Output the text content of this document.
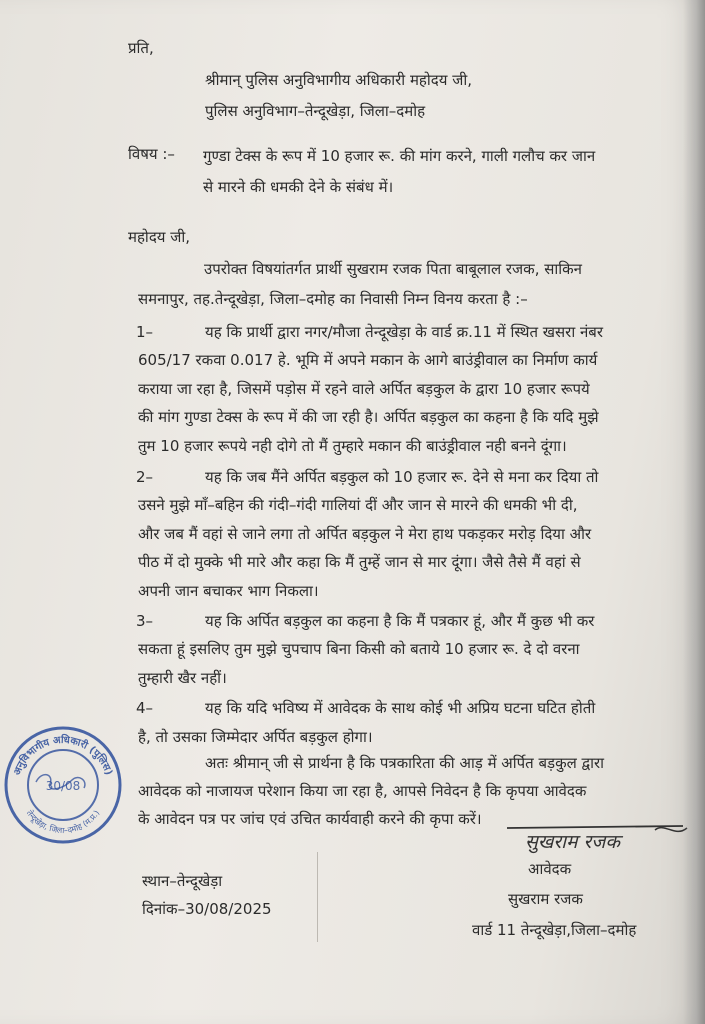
प्रति,
श्रीमान् पुलिस अनुविभागीय अधिकारी महोदय जी,
पुलिस अनुविभाग–तेन्दूखेड़ा, जिला–दमोह
विषय :– गुण्डा टेक्स के रूप में 10 हजार रू. की मांग करने, गाली गलौच कर जान
से मारने की धमकी देने के संबंध में।
महोदय जी,
उपरोक्त विषयांतर्गत प्रार्थी सुखराम रजक पिता बाबूलाल रजक, साकिन
समनापुर, तह.तेन्दूखेड़ा, जिला–दमोह का निवासी निम्न विनय करता है :–
1–	यह कि प्रार्थी द्वारा नगर/मौजा तेन्दूखेड़ा के वार्ड क्र.11 में स्थित खसरा नंबर
605/17 रकवा 0.017 हे. भूमि में अपने मकान के आगे बाउंड्रीवाल का निर्माण कार्य
कराया जा रहा है, जिसमें पड़ोस में रहने वाले अर्पित बड़कुल के द्वारा 10 हजार रूपये
की मांग गुण्डा टेक्स के रूप में की जा रही है। अर्पित बड़कुल का कहना है कि यदि मुझे
तुम 10 हजार रूपये नही दोगे तो मैं तुम्हारे मकान की बाउंड्रीवाल नही बनने दूंगा।
2–	यह कि जब मैंने अर्पित बड़कुल को 10 हजार रू. देने से मना कर दिया तो
उसने मुझे माँ–बहिन की गंदी–गंदी गालियां दीं और जान से मारने की धमकी भी दी,
और जब मैं वहां से जाने लगा तो अर्पित बड़कुल ने मेरा हाथ पकड़कर मरोड़ दिया और
पीठ में दो मुक्के भी मारे और कहा कि मैं तुम्हें जान से मार दूंगा। जैसे तैसे मैं वहां से
अपनी जान बचाकर भाग निकला।
3–	यह कि अर्पित बड़कुल का कहना है कि मैं पत्रकार हूं, और मैं कुछ भी कर
सकता हूं इसलिए तुम मुझे चुपचाप बिना किसी को बताये 10 हजार रू. दे दो वरना
तुम्हारी खैर नहीं।
4–	यह कि यदि भविष्य में आवेदक के साथ कोई भी अप्रिय घटना घटित होती
है, तो उसका जिम्मेदार अर्पित बड़कुल होगा।
अतः श्रीमान् जी से प्रार्थना है कि पत्रकारिता की आड़ में अर्पित बड़कुल द्वारा
आवेदक को नाजायज परेशान किया जा रहा है, आपसे निवेदन है कि कृपया आवेदक
के आवेदन पत्र पर जांच एवं उचित कार्यवाही करने की कृपा करें।
अनुविभागीय अधिकारी (पुलिस)
तेन्दूखेड़ा, जिला–दमोह (म.प्र.)
30/08
सुखराम रजक
आवेदक
सुखराम रजक
वार्ड 11 तेन्दूखेड़ा,जिला–दमोह
स्थान–तेन्दूखेड़ा
दिनांक–30/08/2025
